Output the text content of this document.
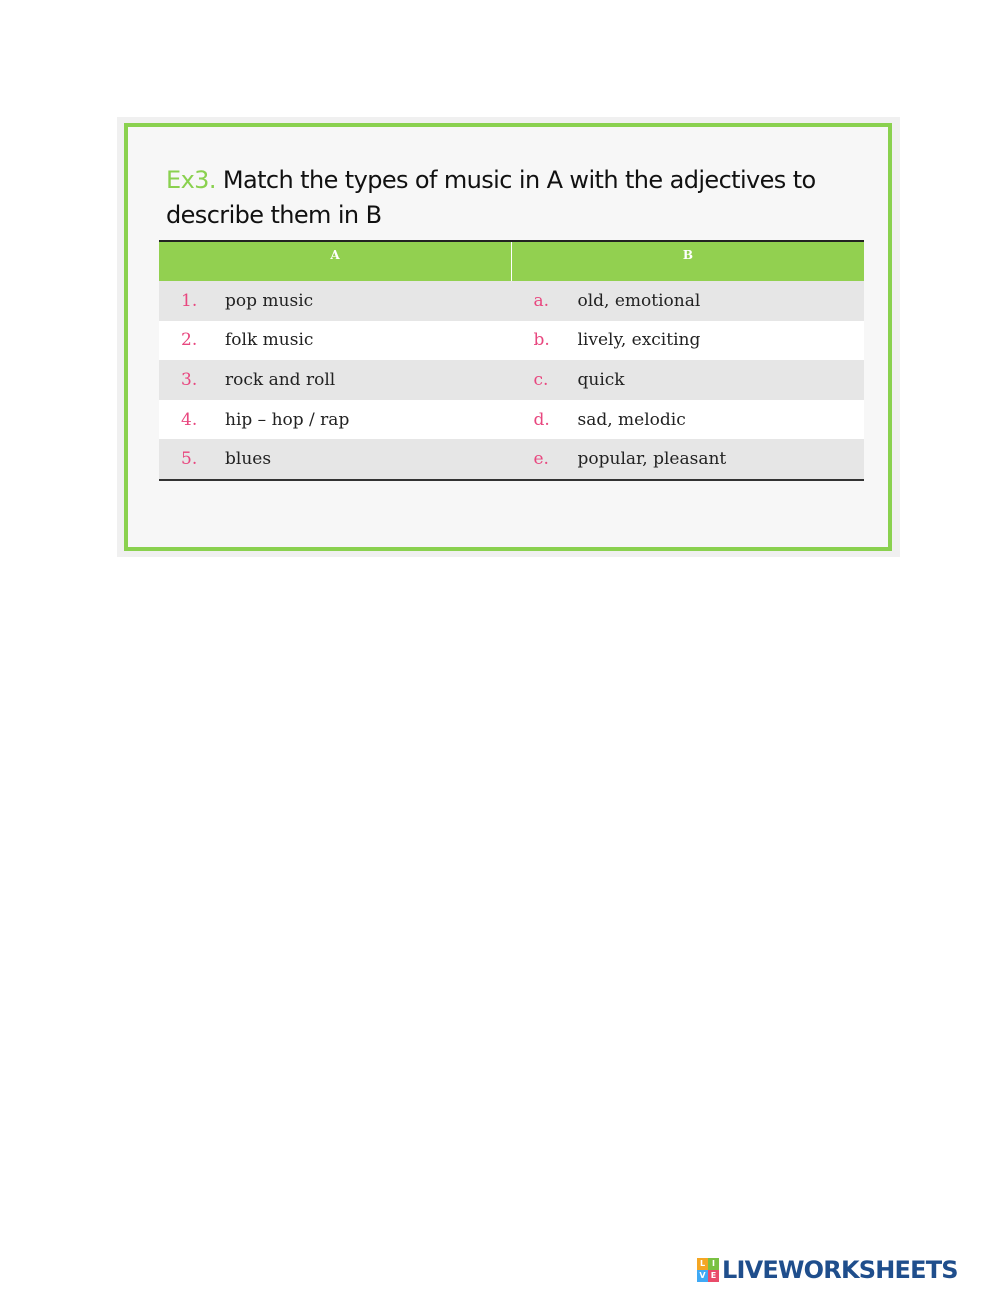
Ex3. Match the types of music in A with the adjectives to describe them in B
A	B
1.	pop music	a.	old, emotional
2.	folk music	b.	lively, exciting
3.	rock and roll	c.	quick
4.	hip – hop / rap	d.	sad, melodic
5.	blues	e.	popular, pleasant
L I
V E LIVEWORKSHEETS
